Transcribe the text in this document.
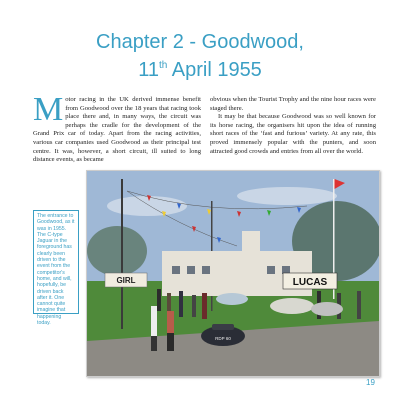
Chapter 2 - Goodwood,
11th April 1955
M otor racing in the UK derived immense benefit from Goodwood over the 18 years that racing took place there and, in many ways, the circuit was perhaps the cradle for the development of the Grand Prix car of today. Apart from the racing activities, various car companies used Goodwood as their principal test centre. It was, however, a short circuit, ill suited to long distance events, as became

obvious when the Tourist Trophy and the nine hour races were staged there.

It may be that because Goodwood was so well known for its horse racing, the organisers hit upon the idea of running short races of the ‘fast and furious’ variety. At any rate, this proved immensely popular with the punters, and soon attracted good crowds and entries from all over the world.

The entrance to Goodwood, as it was in 1955. The C-type Jaguar in the foreground has clearly been driven to the event from the competitor's home, and will, hopefully, be driven back after it. One cannot quite imagine that happening today.
GIRL	LUCAS
RDP 60
19
